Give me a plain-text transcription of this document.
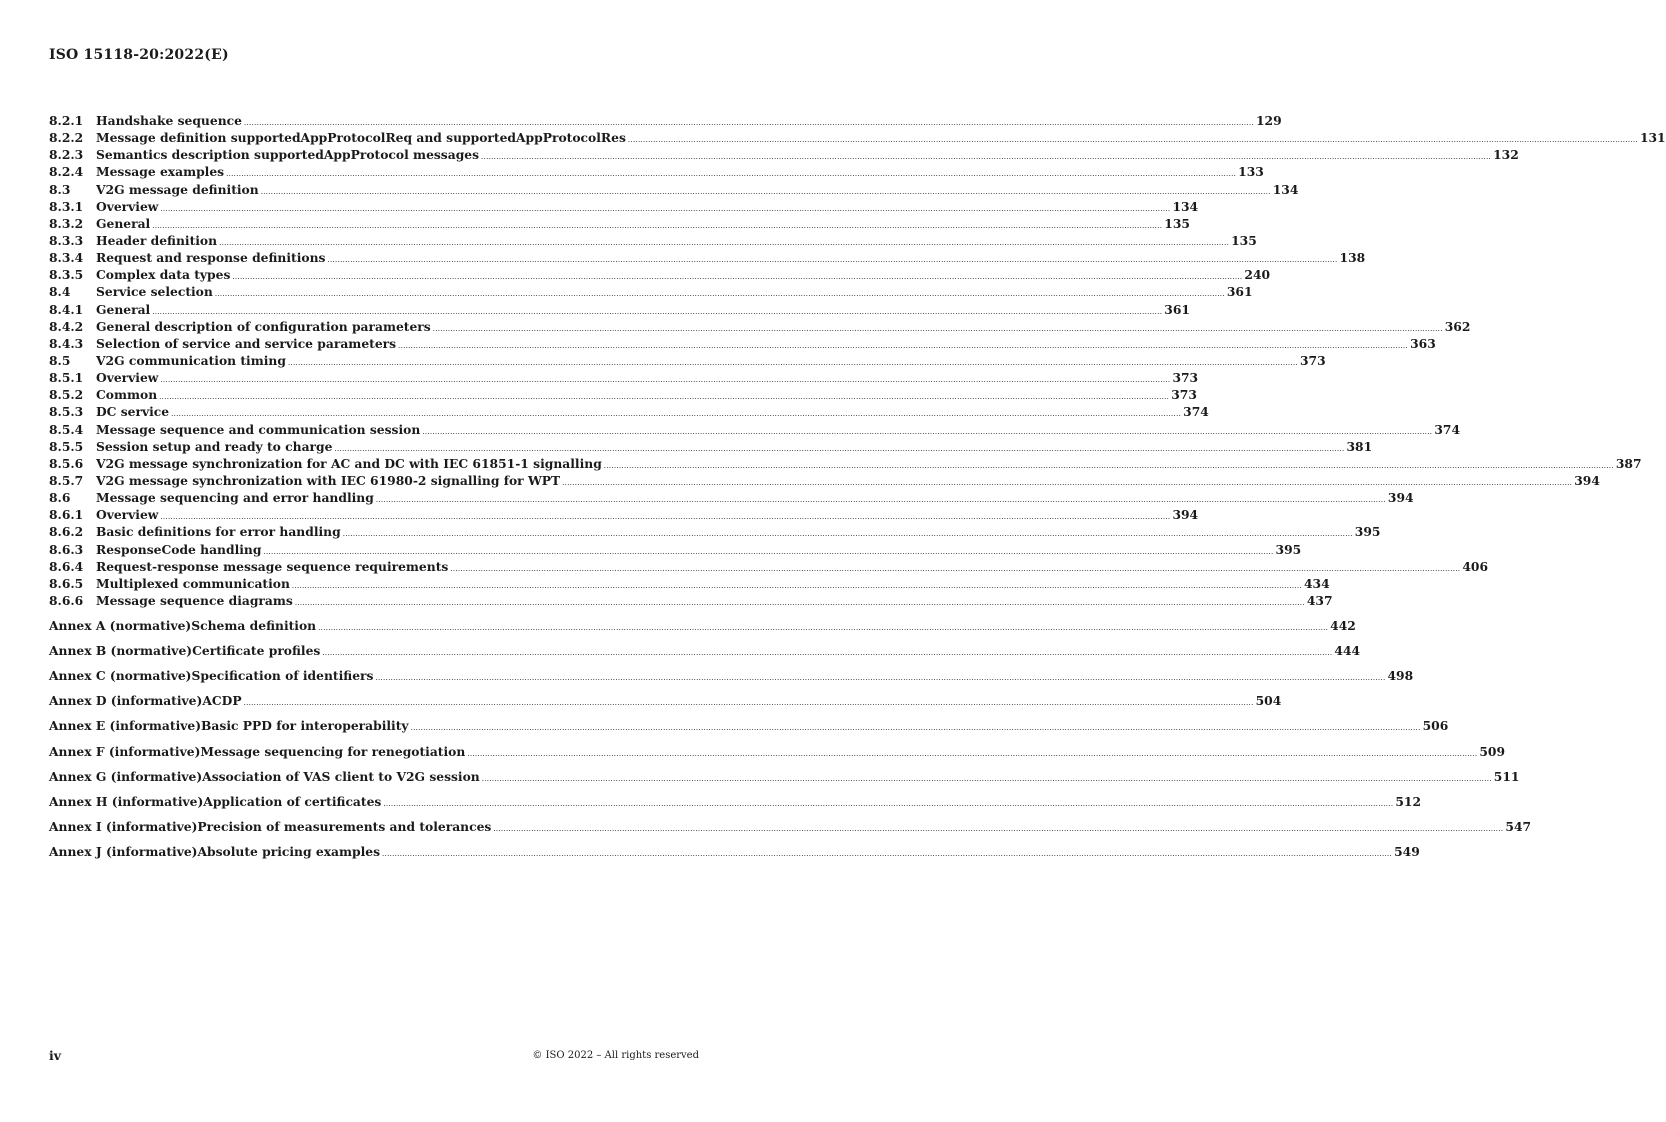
ISO 15118-20:2022(E)
8.2.1	Handshake sequence ................................................................................................................................................................................................................................................................................................................................................................................................................ 129
8.2.2	Message definition supportedAppProtocolReq and supportedAppProtocolRes ................................................................................................................................................................................................................................................................................................................................................................................................................ 131
8.2.3	Semantics description supportedAppProtocol messages ................................................................................................................................................................................................................................................................................................................................................................................................................ 132
8.2.4	Message examples ................................................................................................................................................................................................................................................................................................................................................................................................................ 133
8.3	V2G message definition ................................................................................................................................................................................................................................................................................................................................................................................................................ 134
8.3.1	Overview ................................................................................................................................................................................................................................................................................................................................................................................................................ 134
8.3.2	General ................................................................................................................................................................................................................................................................................................................................................................................................................ 135
8.3.3	Header definition ................................................................................................................................................................................................................................................................................................................................................................................................................ 135
8.3.4	Request and response definitions ................................................................................................................................................................................................................................................................................................................................................................................................................ 138
8.3.5	Complex data types ................................................................................................................................................................................................................................................................................................................................................................................................................ 240
8.4	Service selection ................................................................................................................................................................................................................................................................................................................................................................................................................ 361
8.4.1	General ................................................................................................................................................................................................................................................................................................................................................................................................................ 361
8.4.2	General description of configuration parameters ................................................................................................................................................................................................................................................................................................................................................................................................................ 362
8.4.3	Selection of service and service parameters ................................................................................................................................................................................................................................................................................................................................................................................................................ 363
8.5	V2G communication timing ................................................................................................................................................................................................................................................................................................................................................................................................................ 373
8.5.1	Overview ................................................................................................................................................................................................................................................................................................................................................................................................................ 373
8.5.2	Common ................................................................................................................................................................................................................................................................................................................................................................................................................ 373
8.5.3	DC service ................................................................................................................................................................................................................................................................................................................................................................................................................ 374
8.5.4	Message sequence and communication session ................................................................................................................................................................................................................................................................................................................................................................................................................ 374
8.5.5	Session setup and ready to charge ................................................................................................................................................................................................................................................................................................................................................................................................................ 381
8.5.6	V2G message synchronization for AC and DC with IEC 61851-1 signalling ................................................................................................................................................................................................................................................................................................................................................................................................................ 387
8.5.7	V2G message synchronization with IEC 61980-2 signalling for WPT ................................................................................................................................................................................................................................................................................................................................................................................................................ 394
8.6	Message sequencing and error handling ................................................................................................................................................................................................................................................................................................................................................................................................................ 394
8.6.1	Overview ................................................................................................................................................................................................................................................................................................................................................................................................................ 394
8.6.2	Basic definitions for error handling ................................................................................................................................................................................................................................................................................................................................................................................................................ 395
8.6.3	ResponseCode handling ................................................................................................................................................................................................................................................................................................................................................................................................................ 395
8.6.4	Request-response message sequence requirements ................................................................................................................................................................................................................................................................................................................................................................................................................ 406
8.6.5	Multiplexed communication ................................................................................................................................................................................................................................................................................................................................................................................................................ 434
8.6.6	Message sequence diagrams ................................................................................................................................................................................................................................................................................................................................................................................................................ 437
Annex A (normative) Schema definition ................................................................................................................................................................................................................................................................................................................................................................................................................ 442
Annex B (normative) Certificate profiles ................................................................................................................................................................................................................................................................................................................................................................................................................ 444
Annex C (normative) Specification of identifiers ................................................................................................................................................................................................................................................................................................................................................................................................................ 498
Annex D (informative) ACDP ................................................................................................................................................................................................................................................................................................................................................................................................................ 504
Annex E (informative) Basic PPD for interoperability ................................................................................................................................................................................................................................................................................................................................................................................................................ 506
Annex F (informative) Message sequencing for renegotiation ................................................................................................................................................................................................................................................................................................................................................................................................................ 509
Annex G (informative) Association of VAS client to V2G session ................................................................................................................................................................................................................................................................................................................................................................................................................ 511
Annex H (informative) Application of certificates ................................................................................................................................................................................................................................................................................................................................................................................................................ 512
Annex I (informative) Precision of measurements and tolerances ................................................................................................................................................................................................................................................................................................................................................................................................................ 547
Annex J (informative) Absolute pricing examples ................................................................................................................................................................................................................................................................................................................................................................................................................ 549
iv	© ISO 2022 – All rights reserved
